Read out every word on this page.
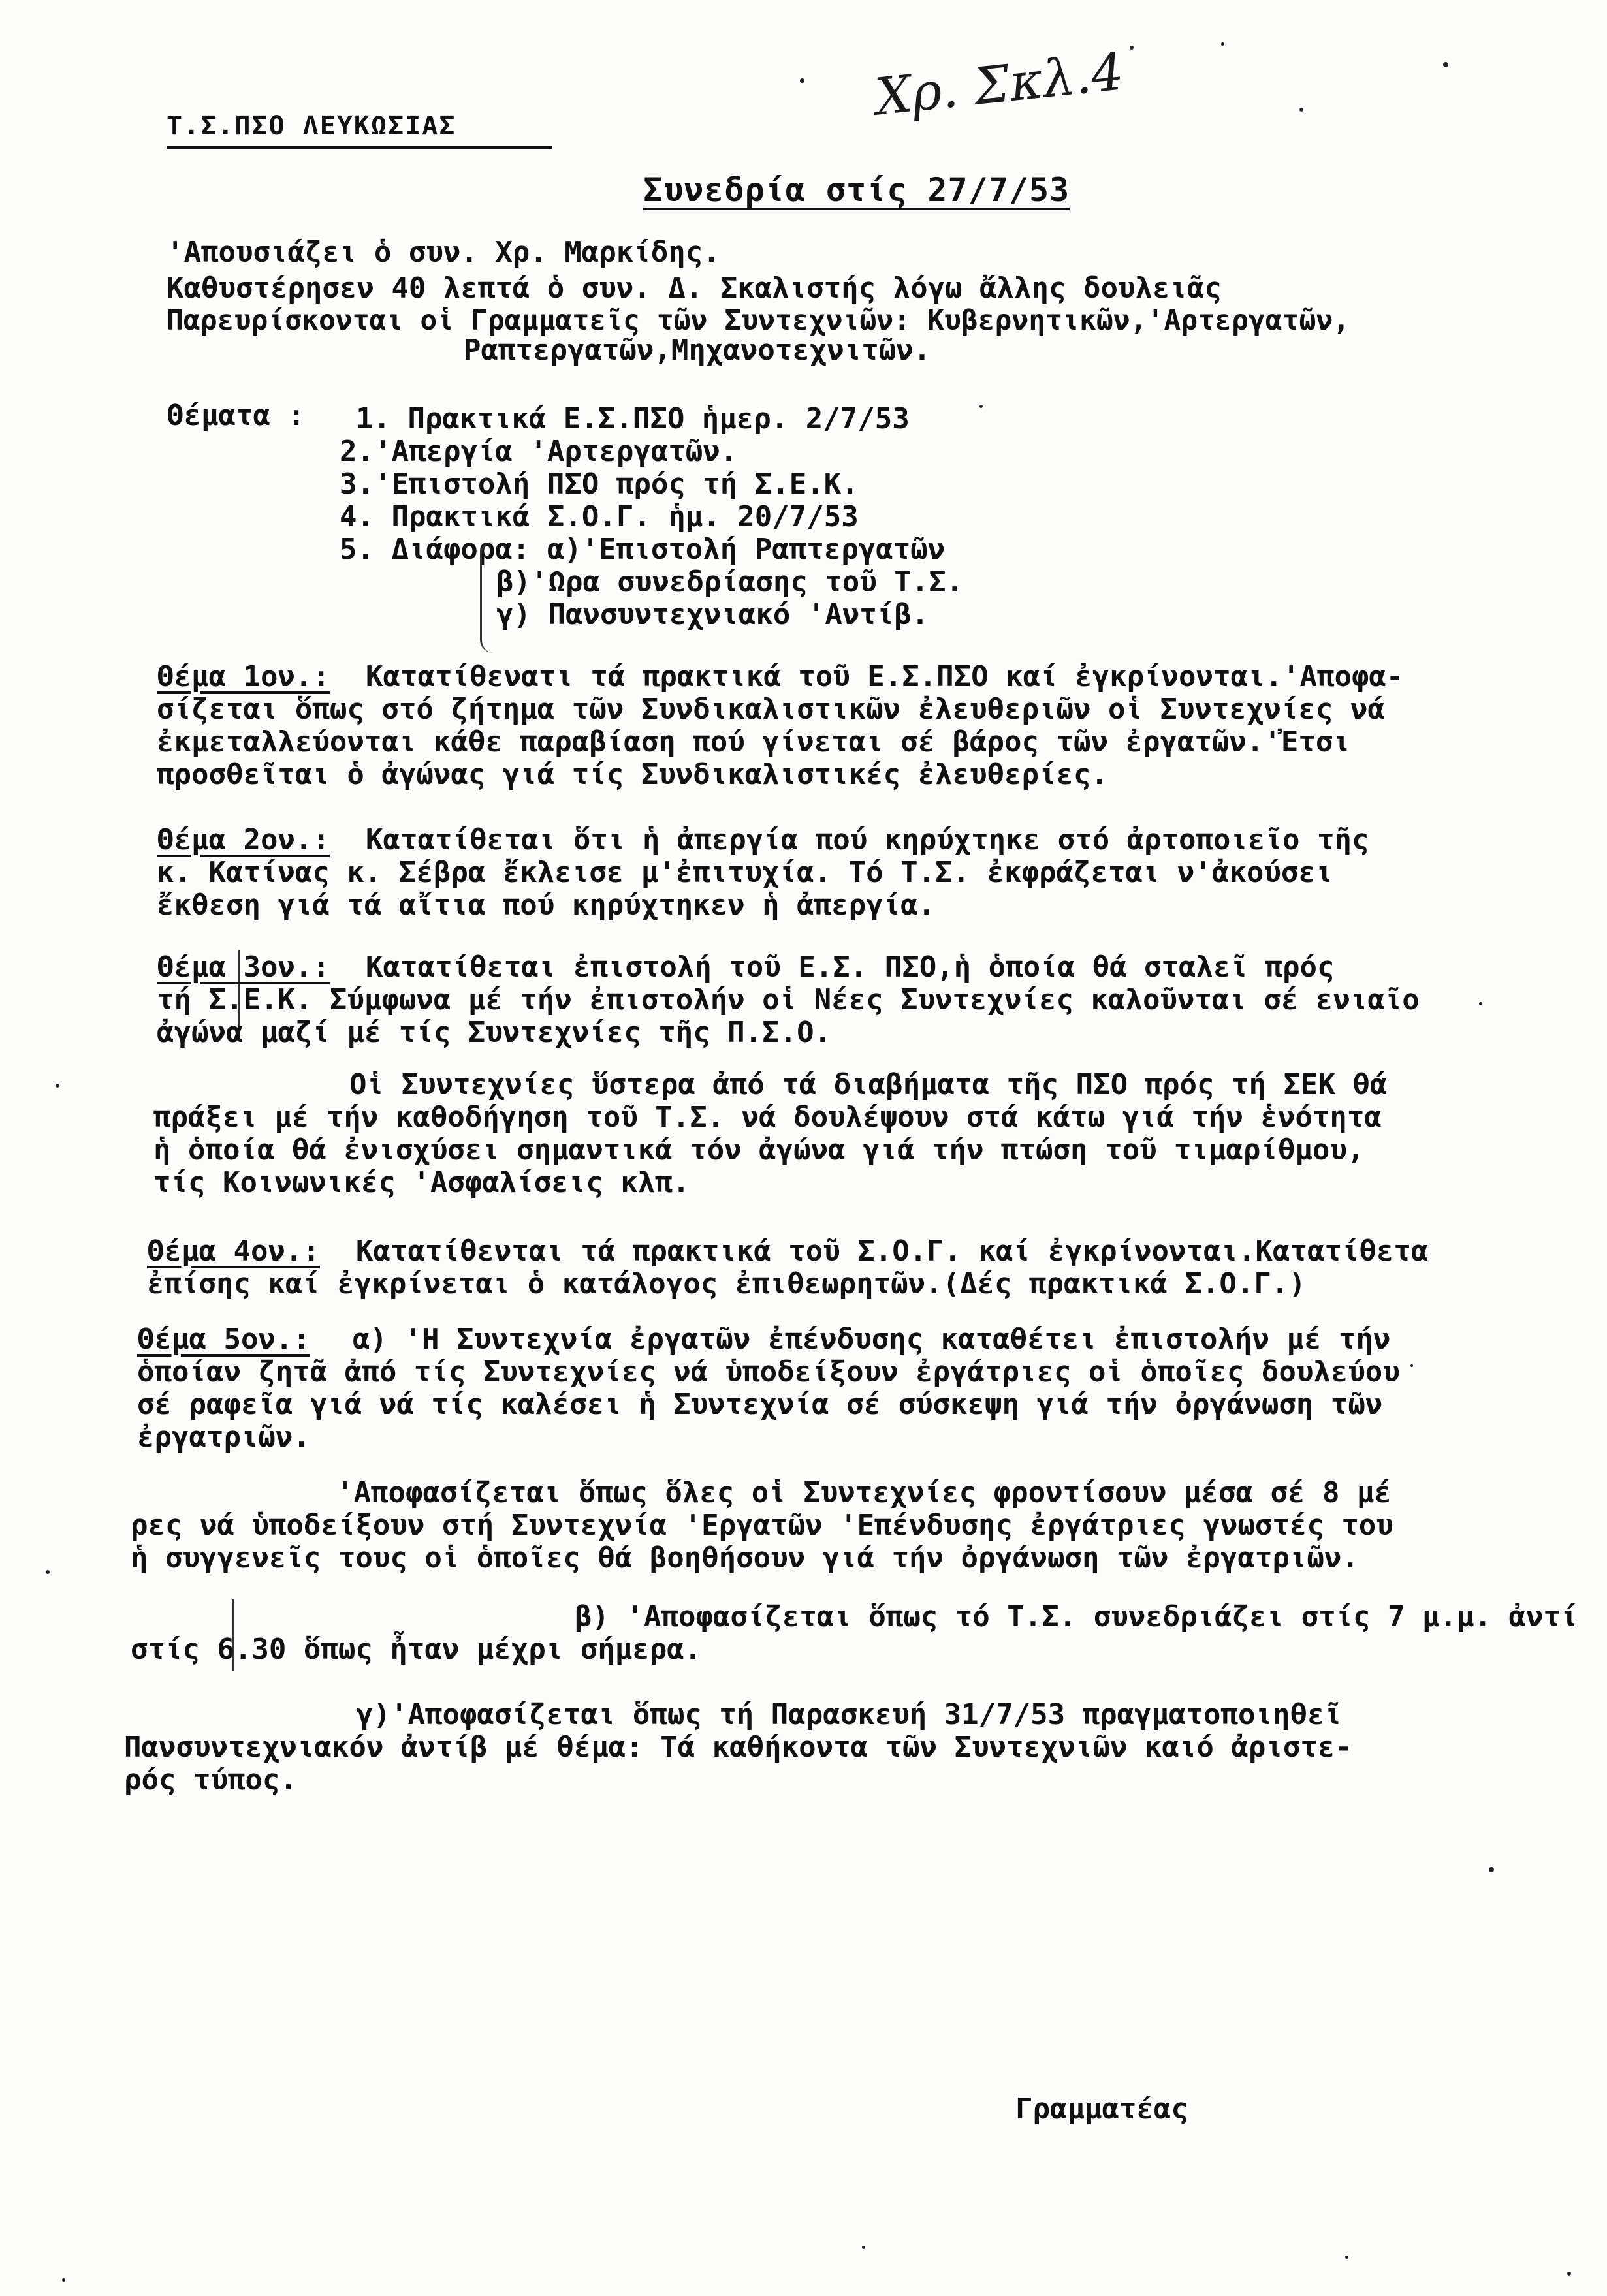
Χρ. Σκλ.4
Τ.Σ.ΠΣΟ ΛΕΥΚΩΣΙΑΣ
Συνεδρία στίς 27/7/53
'Απουσιάζει ὁ συν. Χρ. Μαρκίδης.
Καθυστέρησεν 40 λεπτά ὁ συν. Δ. Σκαλιστής λόγω ἄλλης δουλειᾶς
Παρευρίσκονται οἱ Γραμματεῖς τῶν Συντεχνιῶν: Κυβερνητικῶν,'Αρτεργατῶν,
Ραπτεργατῶν,Μηχανοτεχνιτῶν.
Θέματα : 1. Πρακτικά Ε.Σ.ΠΣΟ ἡμερ. 2/7/53
2.'Απεργία 'Αρτεργατῶν.
3.'Επιστολή ΠΣΟ πρός τή Σ.Ε.Κ.
4. Πρακτικά Σ.Ο.Γ. ἡμ. 20/7/53
5. Διάφορα: α)'Επιστολή Ραπτεργατῶν
β)'Ωρα συνεδρίασης τοῦ Τ.Σ.
γ) Πανσυντεχνιακό 'Αντίβ.
Θέμα 1ον.: Κατατίθενατι τά πρακτικά τοῦ Ε.Σ.ΠΣΟ καί ἐγκρίνονται.'Αποφα-
σίζεται ὅπως στό ζήτημα τῶν Συνδικαλιστικῶν ἐλευθεριῶν οἱ Συντεχνίες νά
ἐκμεταλλεύονται κάθε παραβίαση πού γίνεται σέ βάρος τῶν ἐργατῶν.'Ἐτσι
προσθεῖται ὁ ἀγώνας γιά τίς Συνδικαλιστικές ἐλευθερίες.
Θέμα 2ον.: Κατατίθεται ὅτι ἡ ἀπεργία πού κηρύχτηκε στό ἀρτοποιεῖο τῆς
κ. Κατίνας κ. Σέβρα ἔκλεισε μ'ἐπιτυχία. Τό Τ.Σ. ἐκφράζεται ν'ἀκούσει
ἔκθεση γιά τά αἴτια πού κηρύχτηκεν ἡ ἀπεργία.
Θέμα 3ον.: Κατατίθεται ἐπιστολή τοῦ Ε.Σ. ΠΣΟ,ἡ ὁποία θά σταλεῖ πρός
τή Σ.Ε.Κ. Σύμφωνα μέ τήν ἐπιστολήν οἱ Νέες Συντεχνίες καλοῦνται σέ ενιαῖο
ἀγώνα μαζί μέ τίς Συντεχνίες τῆς Π.Σ.Ο.
Οἱ Συντεχνίες ὕστερα ἀπό τά διαβήματα τῆς ΠΣΟ πρός τή ΣΕΚ θά
πράξει μέ τήν καθοδήγηση τοῦ Τ.Σ. νά δουλέψουν στά κάτω γιά τήν ἑνότητα
ἡ ὁποία θά ἐνισχύσει σημαντικά τόν ἀγώνα γιά τήν πτώση τοῦ τιμαρίθμου,
τίς Κοινωνικές 'Ασφαλίσεις κλπ.
Θέμα 4ον.: Κατατίθενται τά πρακτικά τοῦ Σ.Ο.Γ. καί ἐγκρίνονται.Κατατίθετα
ἐπίσης καί ἐγκρίνεται ὁ κατάλογος ἐπιθεωρητῶν.(Δές πρακτικά Σ.Ο.Γ.)
Θέμα 5ον.: α) 'Η Συντεχνία ἐργατῶν ἐπένδυσης καταθέτει ἐπιστολήν μέ τήν
ὁποίαν ζητᾶ ἀπό τίς Συντεχνίες νά ὑποδείξουν ἐργάτριες οἱ ὁποῖες δουλεύου
σέ ραφεῖα γιά νά τίς καλέσει ἡ Συντεχνία σέ σύσκεψη γιά τήν ὀργάνωση τῶν
ἐργατριῶν.
'Αποφασίζεται ὅπως ὅλες οἱ Συντεχνίες φροντίσουν μέσα σέ 8 μέ
ρες νά ὑποδείξουν στή Συντεχνία 'Εργατῶν 'Επένδυσης ἐργάτριες γνωστές του
ἡ συγγενεῖς τους οἱ ὁποῖες θά βοηθήσουν γιά τήν ὀργάνωση τῶν ἐργατριῶν.
β) 'Αποφασίζεται ὅπως τό Τ.Σ. συνεδριάζει στίς 7 μ.μ. ἀντί
στίς 6.30 ὅπως ἦταν μέχρι σήμερα.
γ)'Αποφασίζεται ὅπως τή Παρασκευή 31/7/53 πραγματοποιηθεῖ
Πανσυντεχνιακόν ἀντίβ μέ θέμα: Τά καθήκοντα τῶν Συντεχνιῶν καιό ἀριστε-
ρός τύπος.
Γραμματέας
